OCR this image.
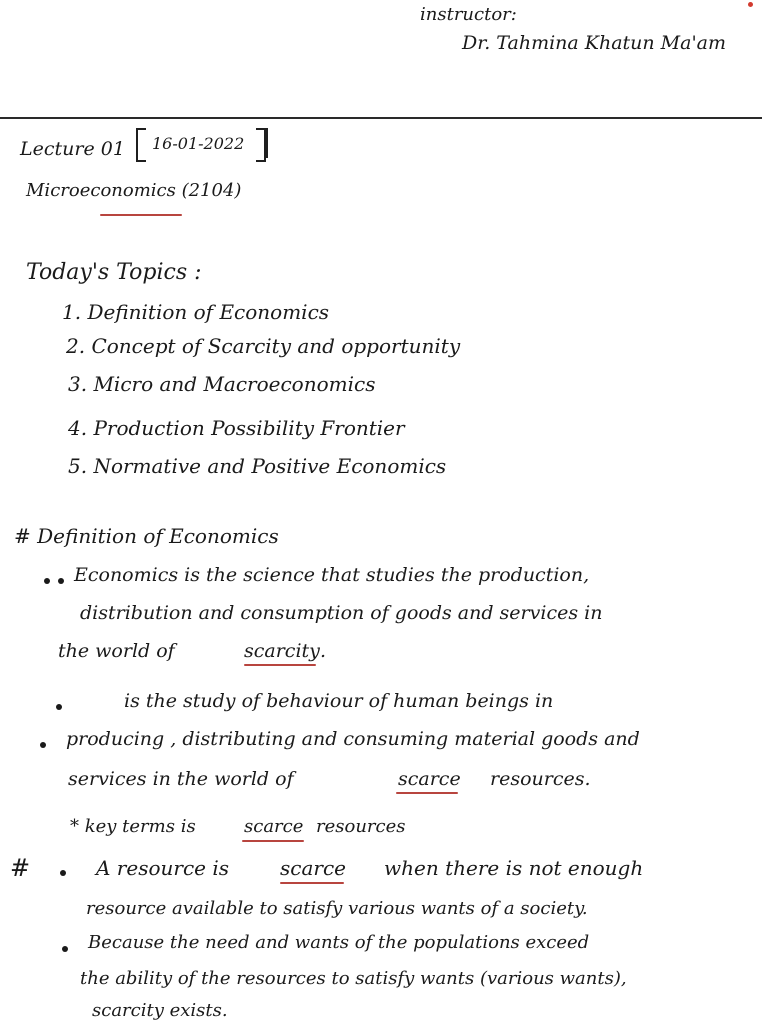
instructor:
Dr. Tahmina Khatun Ma'am
Lecture 01 16-01-2022
Microeconomics (2104)
Today's Topics :
1. Definition of Economics
2. Concept of Scarcity and opportunity
3. Micro and Macroeconomics
4. Production Possibility Frontier
5. Normative and Positive Economics
# Definition of Economics
Economics is the science that studies the production,
distribution and consumption of goods and services in
the world of	scarcity .
is the study of behaviour of human beings in
producing , distributing and consuming material goods and
services in the world of	scarce resources.
* key terms is	scarce resources
#	A resource is	scarce when there is not enough
resource available to satisfy various wants of a society.
Because the need and wants of the populations exceed
the ability of the resources to satisfy wants (various wants),
scarcity exists.
